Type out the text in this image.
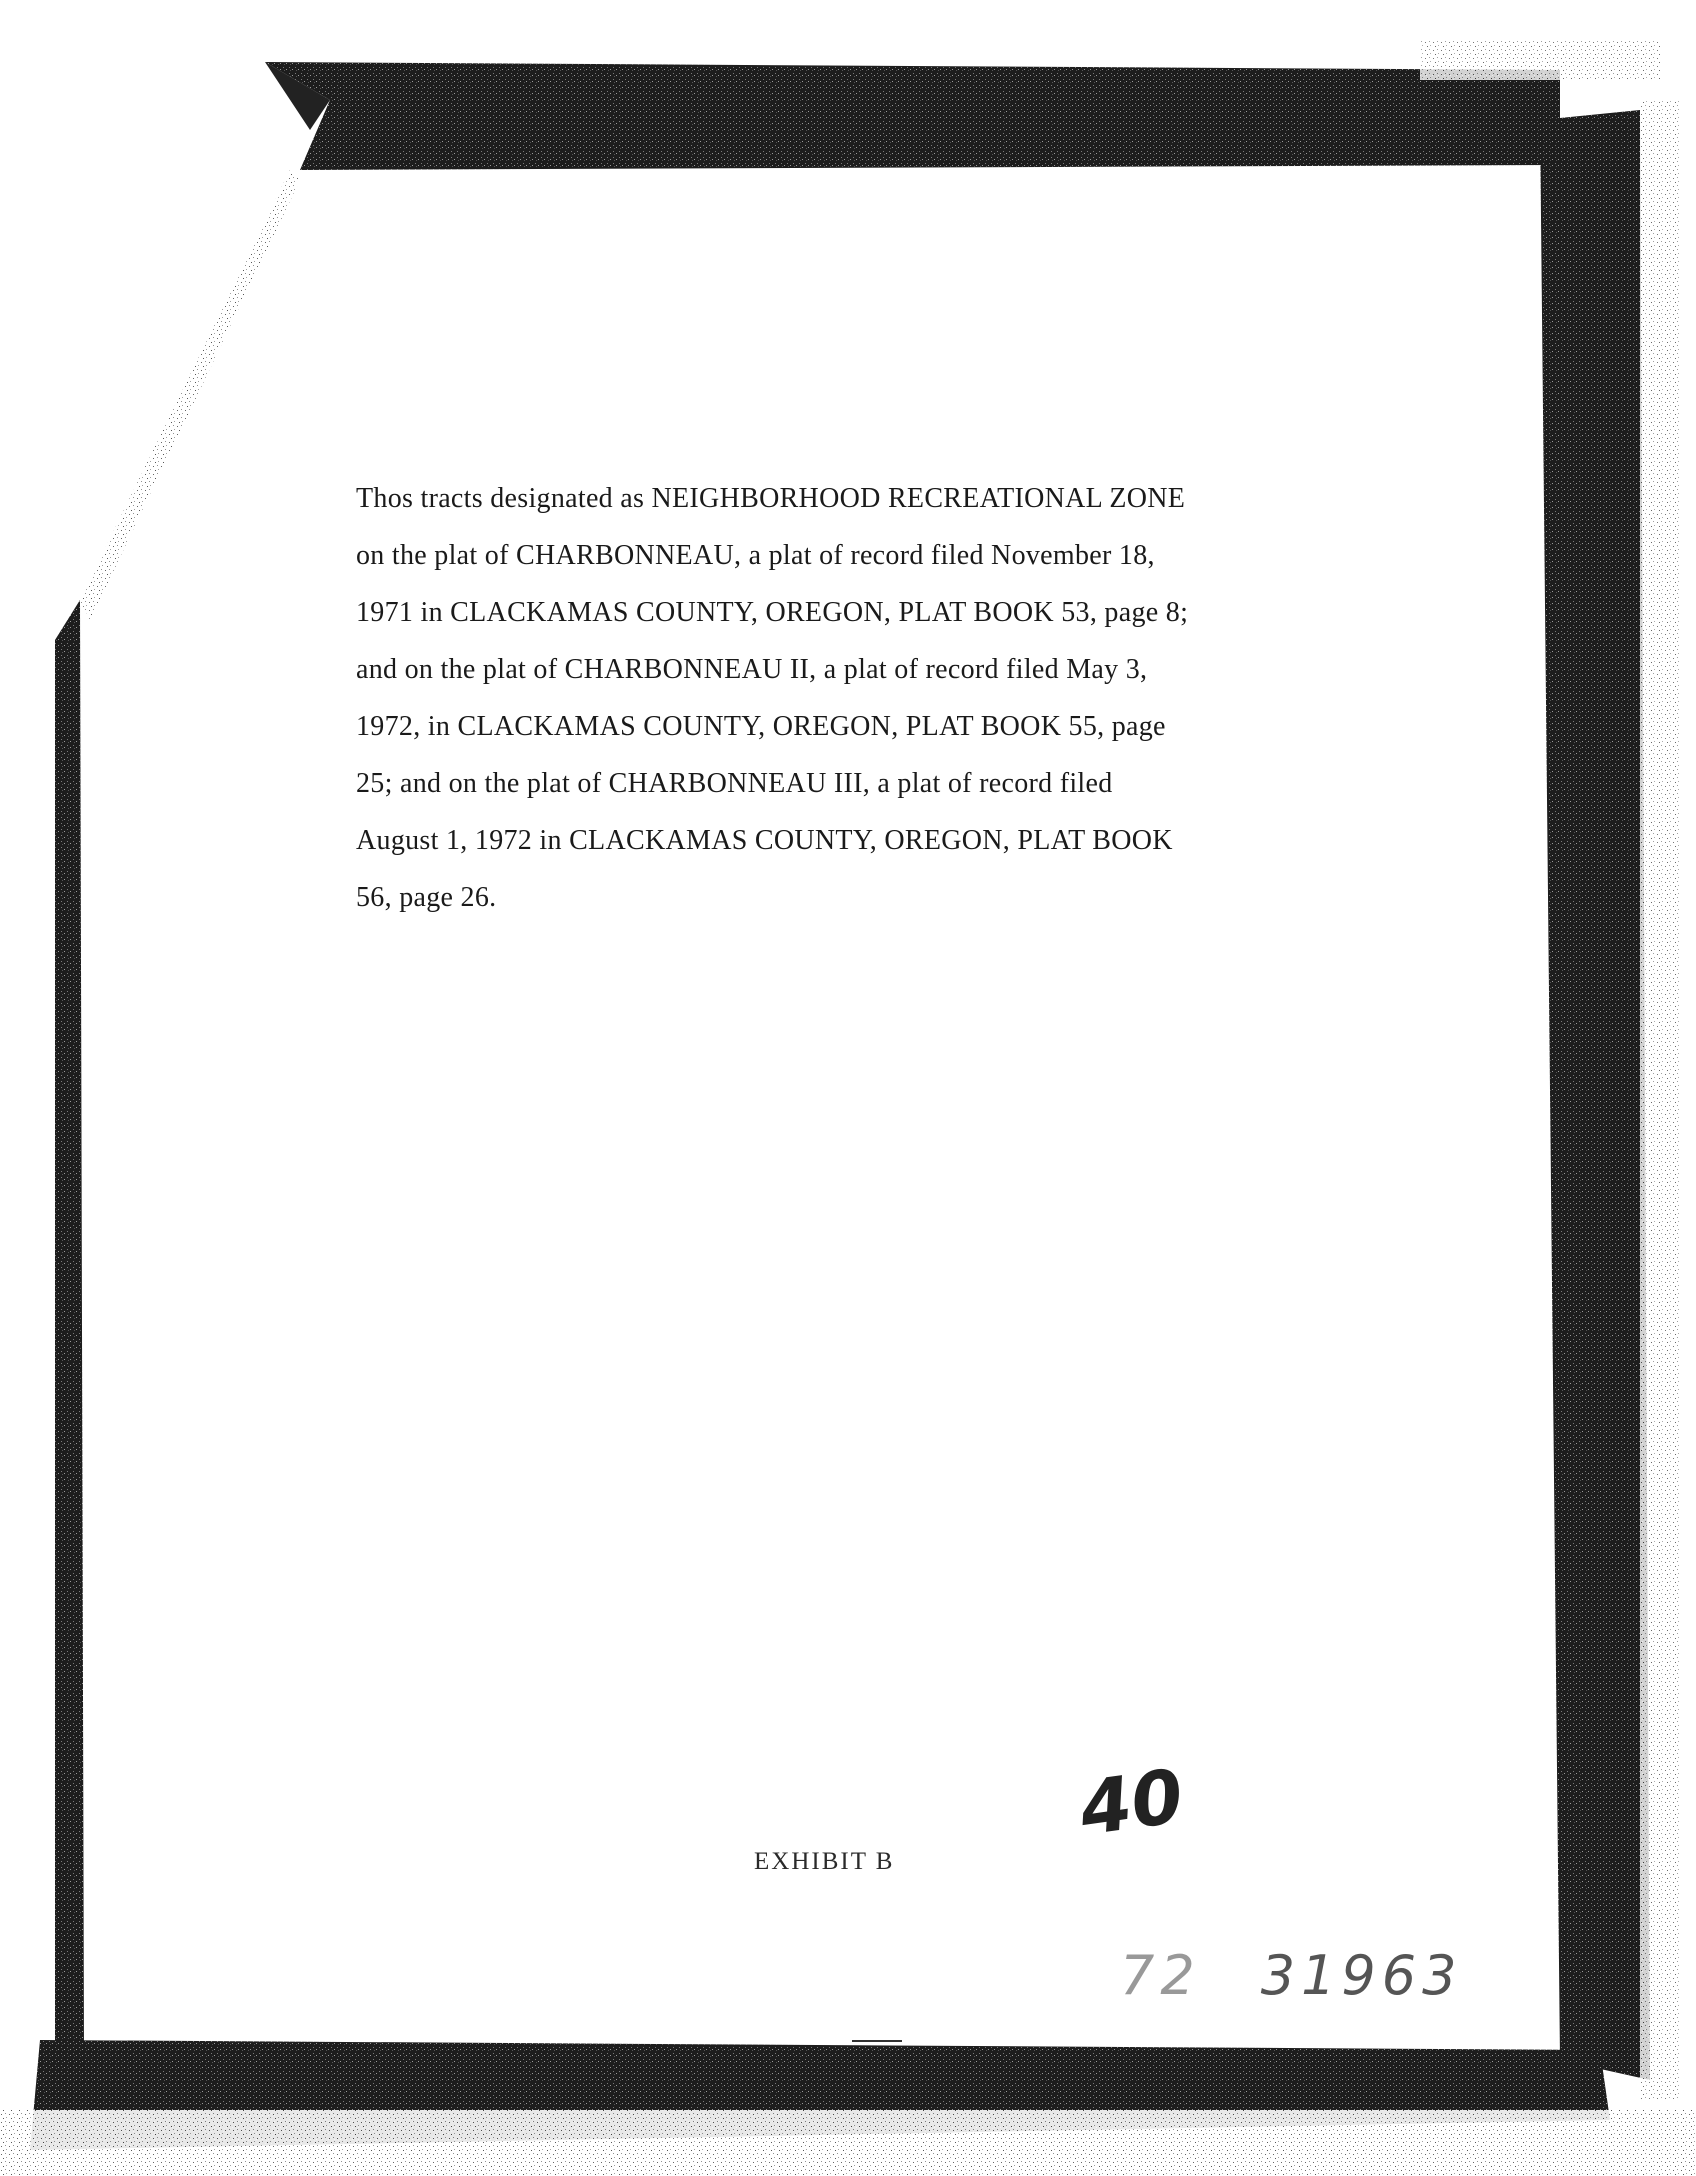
Thos tracts designated as NEIGHBORHOOD RECREATIONAL ZONE
on the plat of CHARBONNEAU, a plat of record filed November 18,
1971 in CLACKAMAS COUNTY, OREGON, PLAT BOOK 53, page 8;
and on the plat of CHARBONNEAU II, a plat of record filed May 3,
1972, in CLACKAMAS COUNTY, OREGON, PLAT BOOK 55, page
25; and on the plat of CHARBONNEAU III, a plat of record filed
August 1, 1972 in CLACKAMAS COUNTY, OREGON, PLAT BOOK
56, page 26.
EXHIBIT B
40
72 31963
